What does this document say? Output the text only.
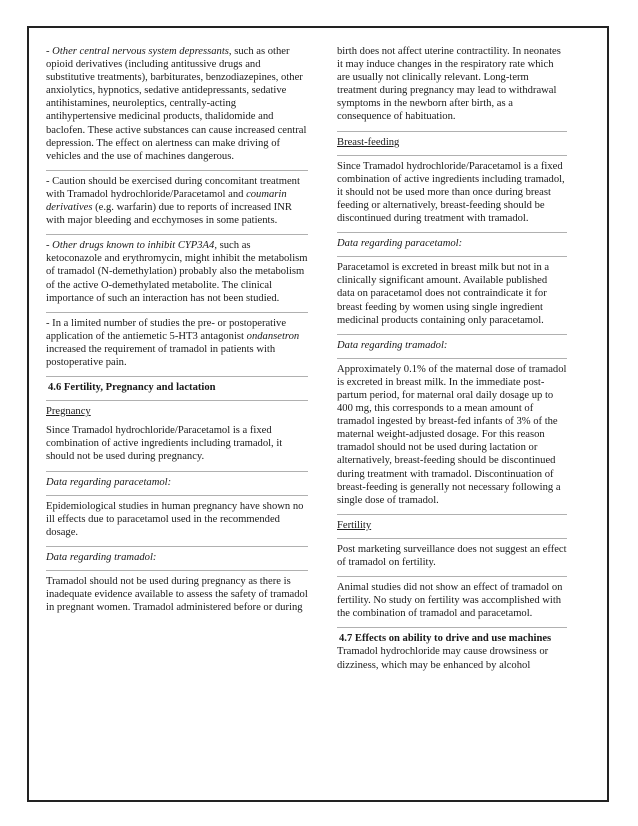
- Other central nervous system depressants, such as other opioid derivatives (including antitussive drugs and substitutive treatments), barbiturates, benzodiazepines, other anxiolytics, hypnotics, sedative antidepressants, sedative antihistamines, neuroleptics, centrally-acting antihypertensive medicinal products, thalidomide and baclofen. These active substances can cause increased central depression. The effect on alertness can make driving of vehicles and the use of machines dangerous.

- Caution should be exercised during concomitant treatment with Tramadol hydrochloride/Paracetamol and coumarin derivatives (e.g. warfarin) due to reports of increased INR with major bleeding and ecchymoses in some patients.

- Other drugs known to inhibit CYP3A4, such as ketoconazole and erythromycin, might inhibit the metabolism of tramadol (N-demethylation) probably also the metabolism of the active O-demethylated metabolite. The clinical importance of such an interaction has not been studied.

- In a limited number of studies the pre- or postoperative application of the antiemetic 5-HT3 antagonist ondansetron increased the requirement of tramadol in patients with postoperative pain.

4.6 Fertility, Pregnancy and lactation
Pregnancy

Since Tramadol hydrochloride/Paracetamol is a fixed combination of active ingredients including tramadol, it should not be used during pregnancy.

Data regarding paracetamol:

Epidemiological studies in human pregnancy have shown no ill effects due to paracetamol used in the recommended dosage.

Data regarding tramadol:

Tramadol should not be used during pregnancy as there is inadequate evidence available to assess the safety of tramadol in pregnant women. Tramadol administered before or during

birth does not affect uterine contractility. In neonates it may induce changes in the respiratory rate which are usually not clinically relevant. Long-term treatment during pregnancy may lead to withdrawal symptoms in the newborn after birth, as a consequence of habituation.

Breast-feeding

Since Tramadol hydrochloride/Paracetamol is a fixed combination of active ingredients including tramadol, it should not be used more than once during breast feeding or alternatively, breast-feeding should be discontinued during treatment with tramadol.

Data regarding paracetamol:

Paracetamol is excreted in breast milk but not in a clinically significant amount. Available published data on paracetamol does not contraindicate it for breast feeding by women using single ingredient medicinal products containing only paracetamol.

Data regarding tramadol:

Approximately 0.1% of the maternal dose of tramadol is excreted in breast milk. In the immediate post-partum period, for maternal oral daily dosage up to 400 mg, this corresponds to a mean amount of tramadol ingested by breast-fed infants of 3% of the maternal weight-adjusted dosage. For this reason tramadol should not be used during lactation or alternatively, breast-feeding should be discontinued during treatment with tramadol. Discontinuation of breast-feeding is generally not necessary following a single dose of tramadol.

Fertility

Post marketing surveillance does not suggest an effect of tramadol on fertility.

Animal studies did not show an effect of tramadol on fertility. No study on fertility was accomplished with the combination of tramadol and paracetamol.

4.7 Effects on ability to drive and use machines

Tramadol hydrochloride may cause drowsiness or dizziness, which may be enhanced by alcohol
